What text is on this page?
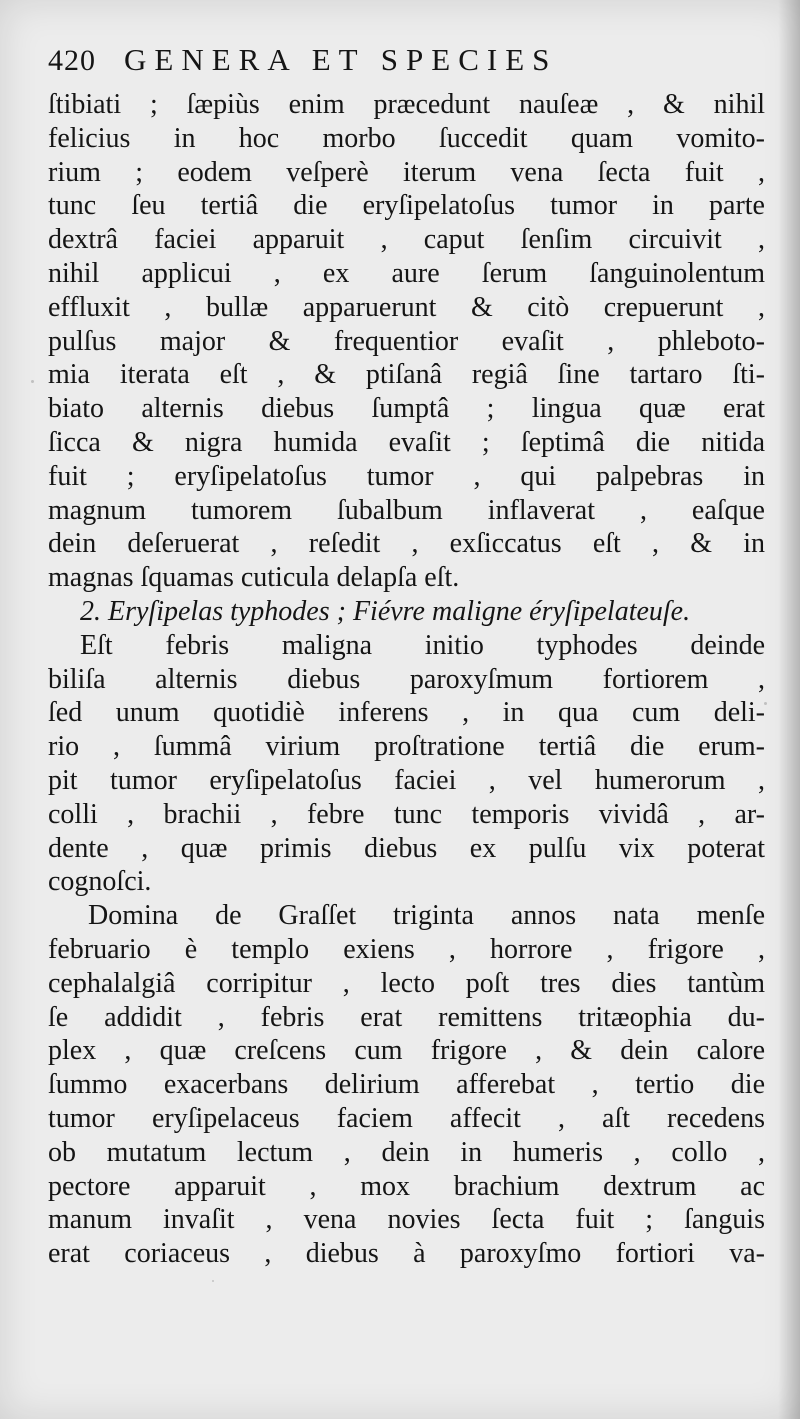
420 GENERA ET SPECIES
ſtibiati ; ſæpiùs enim præcedunt nauſeæ , & nihil
felicius in hoc morbo ſuccedit quam vomito-
rium ; eodem veſperè iterum vena ſecta fuit ,
tunc ſeu tertiâ die eryſipelatoſus tumor in parte
dextrâ faciei apparuit , caput ſenſim circuivit ,
nihil applicui , ex aure ſerum ſanguinolentum
effluxit , bullæ apparuerunt & citò crepuerunt ,
pulſus major & frequentior evaſit , phleboto-
mia iterata eſt , & ptiſanâ regiâ ſine tartaro ſti-
biato alternis diebus ſumptâ ; lingua quæ erat
ſicca & nigra humida evaſit ; ſeptimâ die nitida
fuit ; eryſipelatoſus tumor , qui palpebras in
magnum tumorem ſubalbum inflaverat , eaſque
dein deſeruerat , reſedit , exſiccatus eſt , & in
magnas ſquamas cuticula delapſa eſt.
2. Eryſipelas typhodes ; Fiévre maligne éryſipelateuſe.
Eſt febris maligna initio typhodes deinde
biliſa alternis diebus paroxyſmum fortiorem ,
ſed unum quotidiè inferens , in qua cum deli-
rio , ſummâ virium proſtratione tertiâ die erum-
pit tumor eryſipelatoſus faciei , vel humerorum ,
colli , brachii , febre tunc temporis vividâ , ar-
dente , quæ primis diebus ex pulſu vix poterat
cognoſci.
Domina de Graſſet triginta annos nata menſe
februario è templo exiens , horrore , frigore ,
cephalalgiâ corripitur , lecto poſt tres dies tantùm
ſe addidit , febris erat remittens tritæophia du-
plex , quæ creſcens cum frigore , & dein calore
ſummo exacerbans delirium afferebat , tertio die
tumor eryſipelaceus faciem affecit , aſt recedens
ob mutatum lectum , dein in humeris , collo ,
pectore apparuit , mox brachium dextrum ac
manum invaſit , vena novies ſecta fuit ; ſanguis
erat coriaceus , diebus à paroxyſmo fortiori va-
